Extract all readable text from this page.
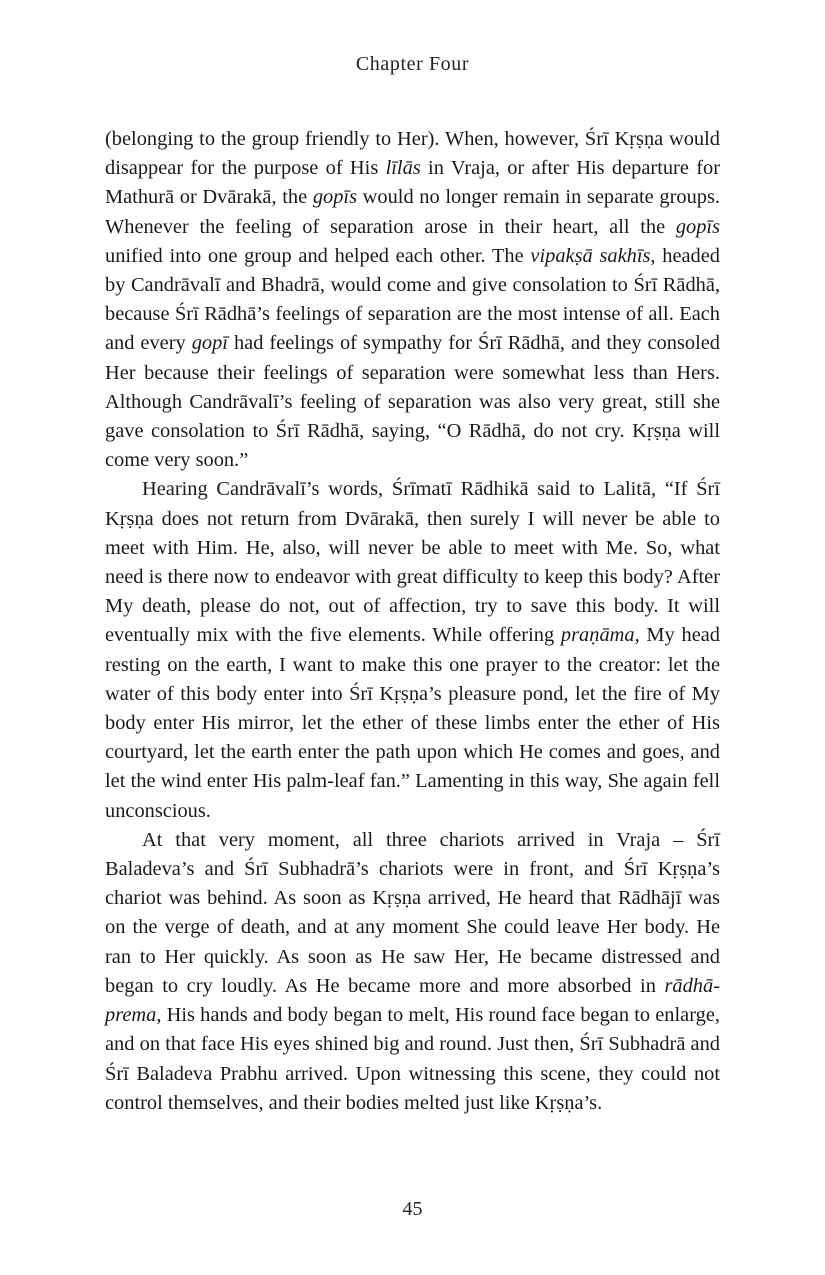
Chapter Four

(belonging to the group friendly to Her). When, however, Śrī Kṛṣṇa would disappear for the purpose of His līlās in Vraja, or after His departure for Mathurā or Dvārakā, the gopīs would no longer remain in separate groups. Whenever the feeling of separation arose in their heart, all the gopīs unified into one group and helped each other. The vipakṣā sakhīs, headed by Candrāvalī and Bhadrā, would come and give consolation to Śrī Rādhā, because Śrī Rādhā’s feelings of separation are the most intense of all. Each and every gopī had feelings of sympathy for Śrī Rādhā, and they consoled Her because their feelings of separation were somewhat less than Hers. Although Candrāvalī’s feeling of separation was also very great, still she gave consolation to Śrī Rādhā, saying, “O Rādhā, do not cry. Kṛṣṇa will come very soon.”

Hearing Candrāvalī’s words, Śrīmatī Rādhikā said to Lalitā, “If Śrī Kṛṣṇa does not return from Dvārakā, then surely I will never be able to meet with Him. He, also, will never be able to meet with Me. So, what need is there now to endeavor with great difficulty to keep this body? After My death, please do not, out of affection, try to save this body. It will eventually mix with the five elements. While offering praṇāma, My head resting on the earth, I want to make this one prayer to the creator: let the water of this body enter into Śrī Kṛṣṇa’s pleasure pond, let the fire of My body enter His mirror, let the ether of these limbs enter the ether of His courtyard, let the earth enter the path upon which He comes and goes, and let the wind enter His palm-leaf fan.” Lamenting in this way, She again fell unconscious.

At that very moment, all three chariots arrived in Vraja – Śrī Baladeva’s and Śrī Subhadrā’s chariots were in front, and Śrī Kṛṣṇa’s chariot was behind. As soon as Kṛṣṇa arrived, He heard that Rādhājī was on the verge of death, and at any moment She could leave Her body. He ran to Her quickly. As soon as He saw Her, He became distressed and began to cry loudly. As He became more and more absorbed in rādhā-prema, His hands and body began to melt, His round face began to enlarge, and on that face His eyes shined big and round. Just then, Śrī Subhadrā and Śrī Baladeva Prabhu arrived. Upon witnessing this scene, they could not control themselves, and their bodies melted just like Kṛṣṇa’s.

45
